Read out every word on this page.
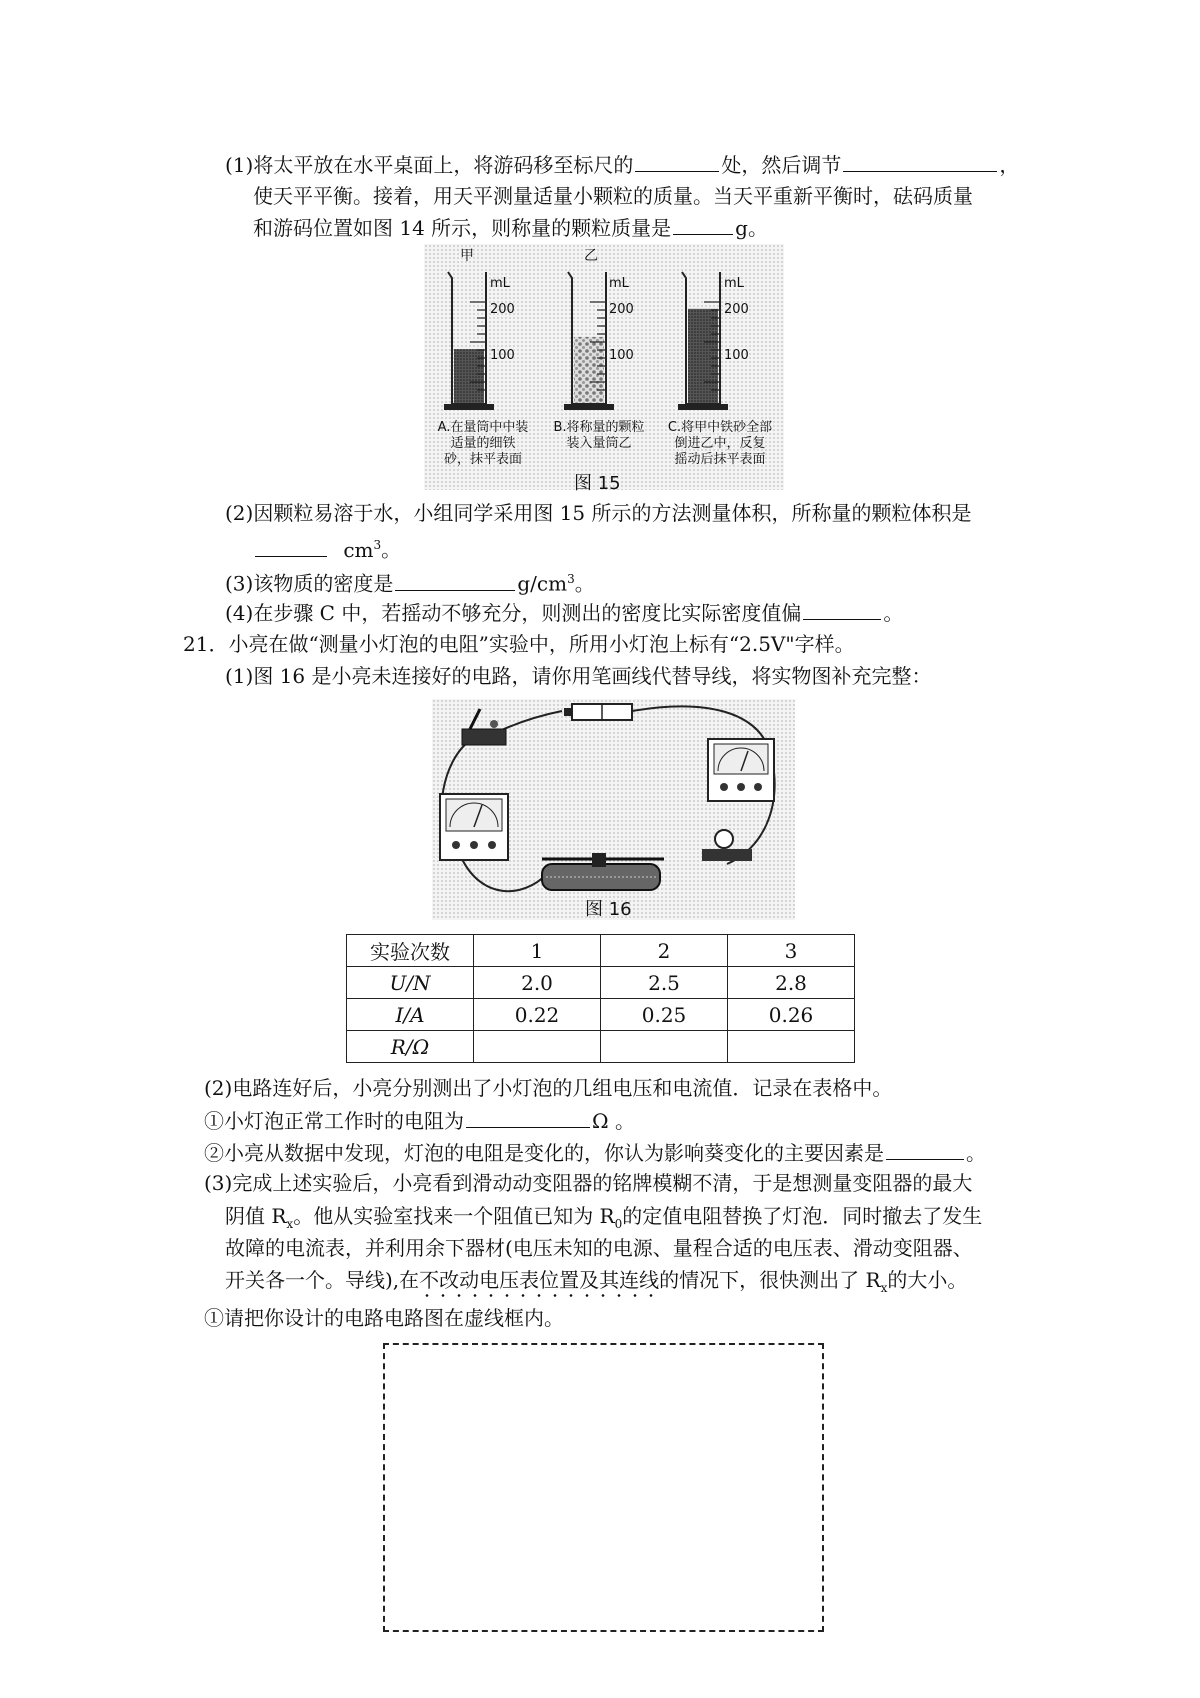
(1)将太平放在水平桌面上，将游码移至标尺的	处，然后调节	，
使天平平衡。接着，用天平测量适量小颗粒的质量。当天平重新平衡时，砝码质量
和游码位置如图 14 所示，则称量的颗粒质量是	g。
甲	乙
mL	mL	mL
200	200	200
100	100	100
A.在量筒中中装
适量的细铁
砂，抹平表面
B.将称量的颗粒
装入量筒乙
C.将甲中铁砂全部
倒进乙中，反复
摇动后抹平表面
图 15
(2)因颗粒易溶于水，小组同学采用图 15 所示的方法测量体积，所称量的颗粒体积是
$cm^3$。
(3)该物质的密度是	$g/cm^3$。
(4)在步骤 C 中，若摇动不够充分，则测出的密度比实际密度值偏	。
21．小亮在做“测量小灯泡的电阻”实验中，所用小灯泡上标有“2.5V"字样。
(1)图 16 是小亮未连接好的电路，请你用笔画线代替导线，将实物图补充完整：
图 16
实验次数	1	2	3
U/N	2.0	2.5	2.8
I/A	0.22	0.25	0.26
R/Ω			
(2)电路连好后，小亮分别测出了小灯泡的几组电压和电流值．记录在表格中。
①小灯泡正常工作时的电阻为	Ω 。
②小亮从数据中发现，灯泡的电阻是变化的，你认为影响葵变化的主要因素是	。
(3)完成上述实验后，小亮看到滑动动变阻器的铭牌模糊不清，于是想测量变阻器的最大
阴值 $R_x$。他从实验室找来一个阻值已知为 $R_0$的定值电阻替换了灯泡．同时撤去了发生
故障的电流表，并利用余下器材(电压未知的电源、量程合适的电压表、滑动变阻器、
开关各一个。导线),在不改动电压表位置及其连线的情况下，很快测出了 $R_x$的大小。
①请把你设计的电路电路图在虚线框内。
